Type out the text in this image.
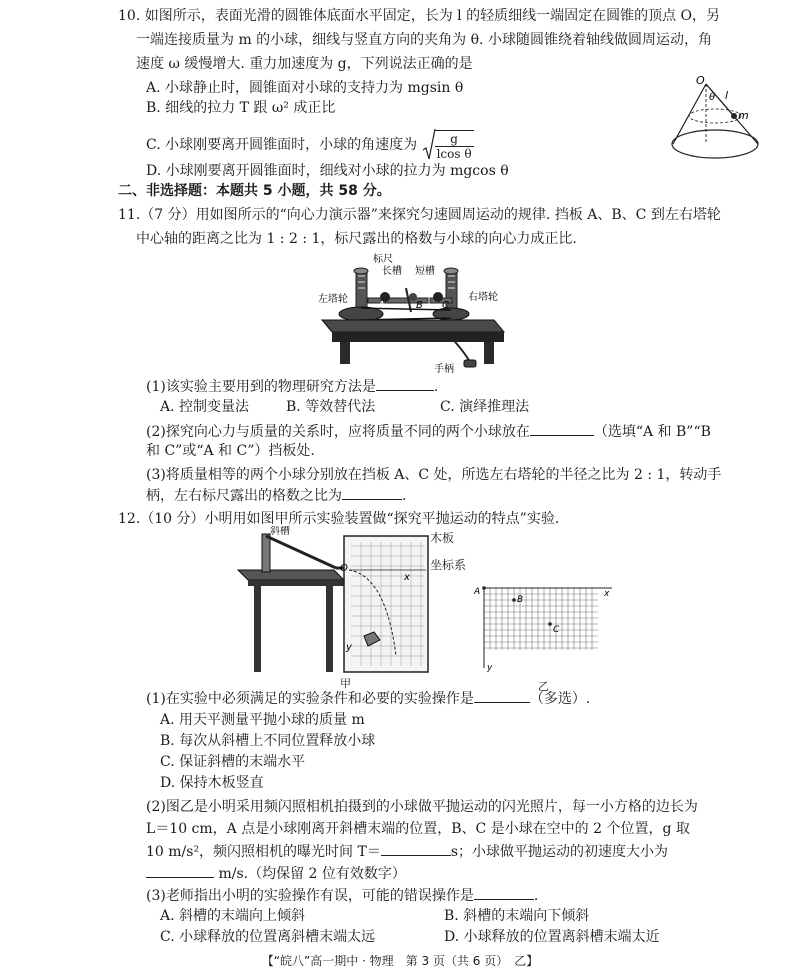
10. 如图所示，表面光滑的圆锥体底面水平固定，长为 l 的轻质细线一端固定在圆锥的顶点 O，另
一端连接质量为 m 的小球，细线与竖直方向的夹角为 θ. 小球随圆锥绕着轴线做圆周运动，角
速度 ω 缓慢增大. 重力加速度为 g，下列说法正确的是
A. 小球静止时，圆锥面对小球的支持力为 mgsin θ
B. 细线的拉力 T 跟 ω² 成正比
C. 小球刚要离开圆锥面时，小球的角速度为 $\frac{g}{\text{lcos θ}}$
D. 小球刚要离开圆锥面时，细线对小球的拉力为 mgcos θ
O
θ l
m
二、非选择题：本题共 5 小题，共 58 分。
11.（7 分）用如图所示的“向心力演示器”来探究匀速圆周运动的规律. 挡板 A、B、C 到左右塔轮
中心轴的距离之比为 1 : 2 : 1，标尺露出的格数与小球的向心力成正比.
标尺
长槽 短槽
左塔轮	右塔轮
手柄
A	B C
(1)该实验主要用到的物理研究方法是	.
A. 控制变量法	B. 等效替代法	C. 演绎推理法
(2)探究向心力与质量的关系时，应将质量不同的两个小球放在	（选填“A 和 B”“B
和 C”或“A 和 C”）挡板处.
(3)将质量相等的两个小球分别放在挡板 A、C 处，所选左右塔轮的半径之比为 2 : 1，转动手
柄，左右标尺露出的格数之比为	.
12.（10 分）小明用如图甲所示实验装置做“探究平抛运动的特点”实验.
斜槽
O
x
y
木板
坐标系
A
B
C
x
y
甲	乙
(1)在实验中必须满足的实验条件和必要的实验操作是	（多选）.
A. 用天平测量平抛小球的质量 m
B. 每次从斜槽上不同位置释放小球
C. 保证斜槽的末端水平
D. 保持木板竖直
(2)图乙是小明采用频闪照相机拍摄到的小球做平抛运动的闪光照片，每一小方格的边长为
L＝10 cm，A 点是小球刚离开斜槽末端的位置，B、C 是小球在空中的 2 个位置，g 取
10 m/s²，频闪照相机的曝光时间 T＝	s；小球做平抛运动的初速度大小为
m/s.（均保留 2 位有效数字）
(3)老师指出小明的实验操作有误，可能的错误操作是	.
A. 斜槽的末端向上倾斜	B. 斜槽的末端向下倾斜
C. 小球释放的位置离斜槽末端太远	D. 小球释放的位置离斜槽末端太近
【“皖八”高一期中 · 物理　第 3 页（共 6 页）　乙】
